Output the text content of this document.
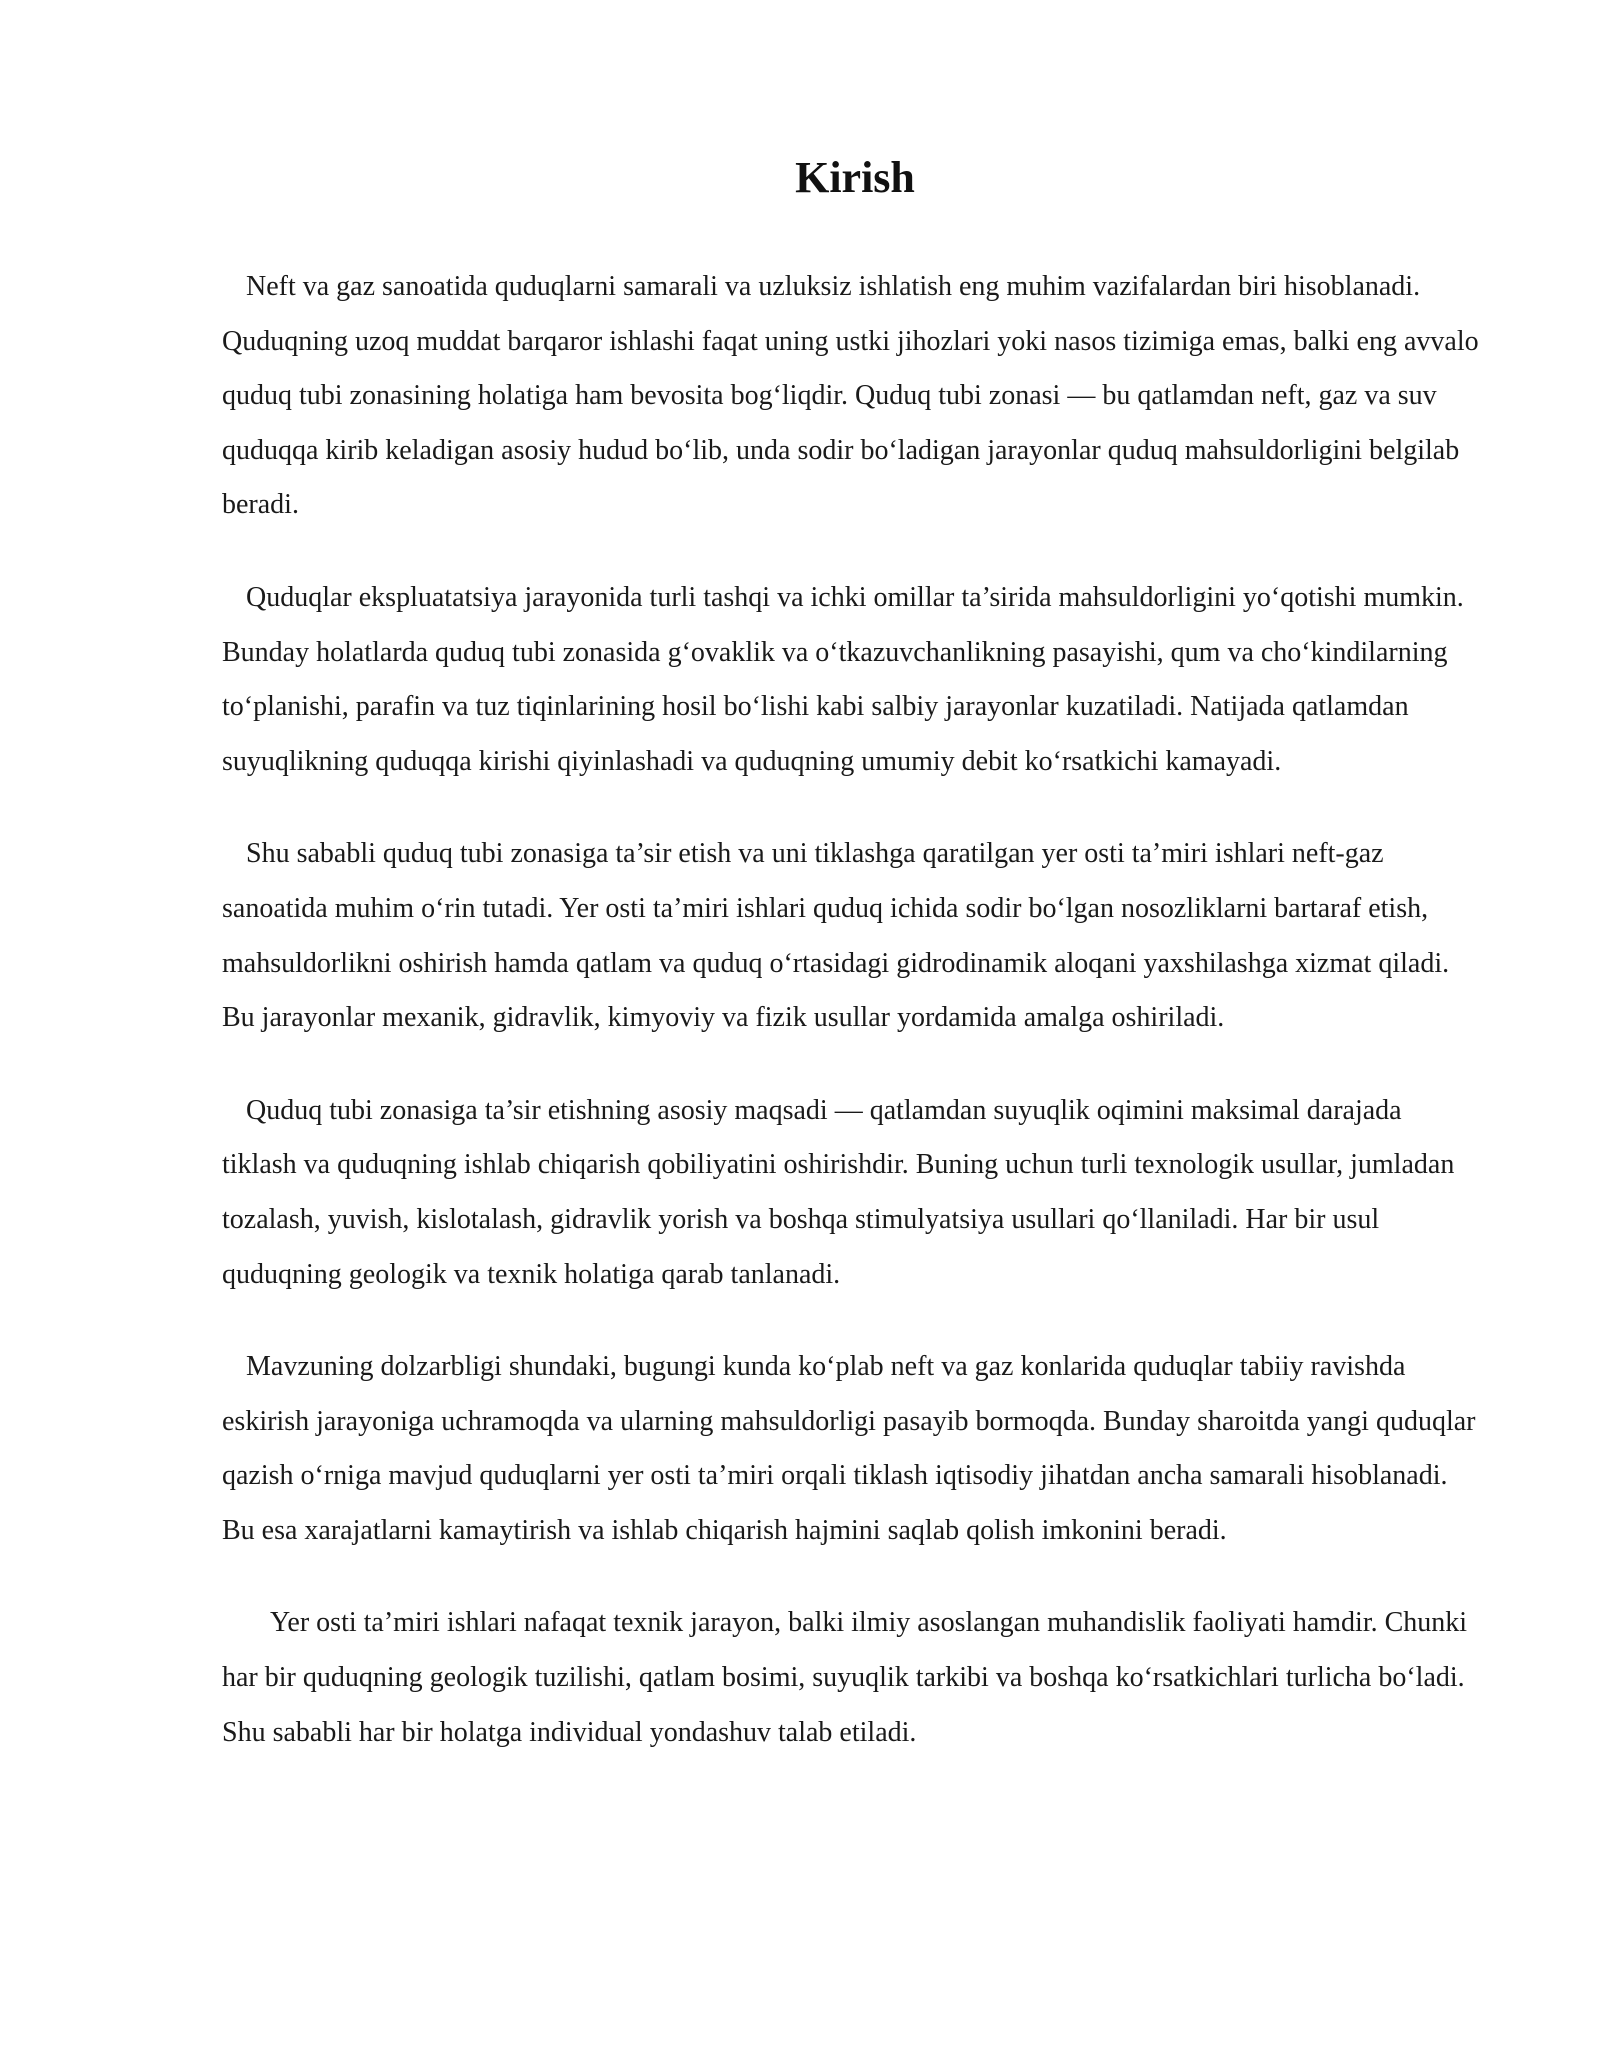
Kirish

Neft va gaz sanoatida quduqlarni samarali va uzluksiz ishlatish eng muhim vazifalardan biri hisoblanadi. Quduqning uzoq muddat barqaror ishlashi faqat uning ustki jihozlari yoki nasos tizimiga emas, balki eng avvalo quduq tubi zonasining holatiga ham bevosita bog‘liqdir. Quduq tubi zonasi — bu qatlamdan neft, gaz va suv quduqqa kirib keladigan asosiy hudud bo‘lib, unda sodir bo‘ladigan jarayonlar quduq mahsuldorligini belgilab beradi.

Quduqlar ekspluatatsiya jarayonida turli tashqi va ichki omillar ta’sirida mahsuldorligini yo‘qotishi mumkin. Bunday holatlarda quduq tubi zonasida g‘ovaklik va o‘tkazuvchanlikning pasayishi, qum va cho‘kindilarning to‘planishi, parafin va tuz tiqinlarining hosil bo‘lishi kabi salbiy jarayonlar kuzatiladi. Natijada qatlamdan suyuqlikning quduqqa kirishi qiyinlashadi va quduqning umumiy debit ko‘rsatkichi kamayadi.

Shu sababli quduq tubi zonasiga ta’sir etish va uni tiklashga qaratilgan yer osti ta’miri ishlari neft-gaz sanoatida muhim o‘rin tutadi. Yer osti ta’miri ishlari quduq ichida sodir bo‘lgan nosozliklarni bartaraf etish, mahsuldorlikni oshirish hamda qatlam va quduq o‘rtasidagi gidrodinamik aloqani yaxshilashga xizmat qiladi. Bu jarayonlar mexanik, gidravlik, kimyoviy va fizik usullar yordamida amalga oshiriladi.

Quduq tubi zonasiga ta’sir etishning asosiy maqsadi — qatlamdan suyuqlik oqimini maksimal darajada tiklash va quduqning ishlab chiqarish qobiliyatini oshirishdir. Buning uchun turli texnologik usullar, jumladan tozalash, yuvish, kislotalash, gidravlik yorish va boshqa stimulyatsiya usullari qo‘llaniladi. Har bir usul quduqning geologik va texnik holatiga qarab tanlanadi.

Mavzuning dolzarbligi shundaki, bugungi kunda ko‘plab neft va gaz konlarida quduqlar tabiiy ravishda eskirish jarayoniga uchramoqda va ularning mahsuldorligi pasayib bormoqda. Bunday sharoitda yangi quduqlar qazish o‘rniga mavjud quduqlarni yer osti ta’miri orqali tiklash iqtisodiy jihatdan ancha samarali hisoblanadi. Bu esa xarajatlarni kamaytirish va ishlab chiqarish hajmini saqlab qolish imkonini beradi.

Yer osti ta’miri ishlari nafaqat texnik jarayon, balki ilmiy asoslangan muhandislik faoliyati hamdir. Chunki har bir quduqning geologik tuzilishi, qatlam bosimi, suyuqlik tarkibi va boshqa ko‘rsatkichlari turlicha bo‘ladi. Shu sababli har bir holatga individual yondashuv talab etiladi.
